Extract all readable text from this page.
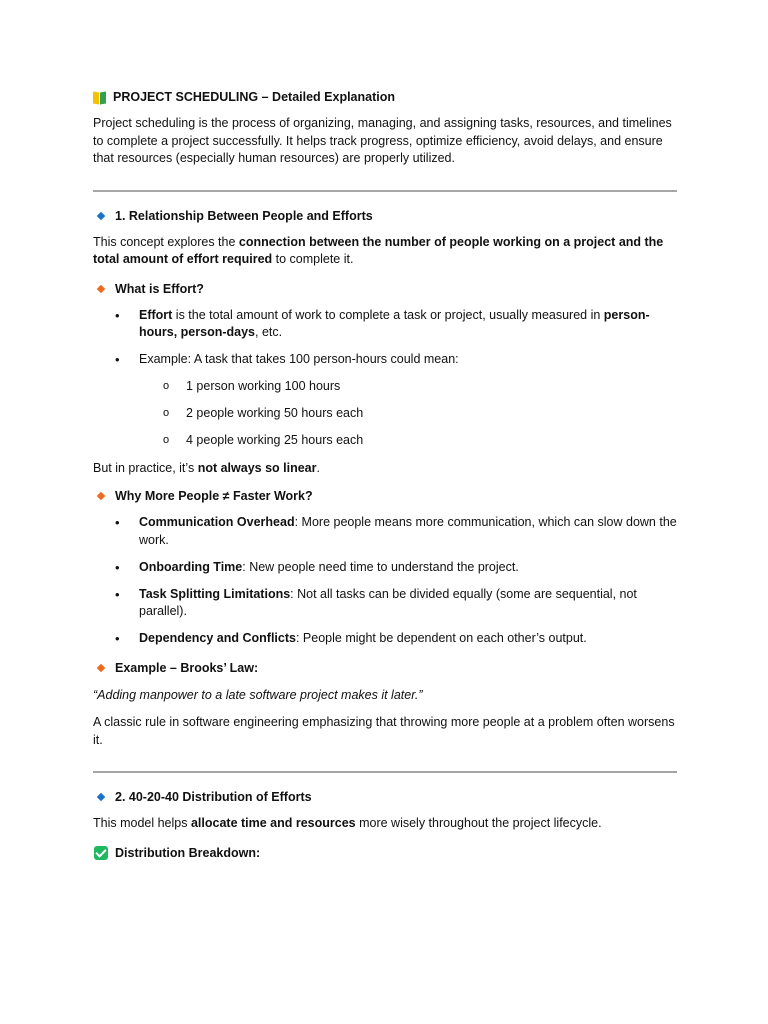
PROJECT SCHEDULING – Detailed Explanation

Project scheduling is the process of organizing, managing, and assigning tasks, resources, and timelines to complete a project successfully. It helps track progress, optimize efficiency, avoid delays, and ensure that resources (especially human resources) are properly utilized.

1. Relationship Between People and Efforts

This concept explores the connection between the number of people working on a project and the total amount of effort required to complete it.

What is Effort?
• Effort is the total amount of work to complete a task or project, usually measured in person-hours, person-days, etc.
• Example: A task that takes 100 person-hours could mean:
o 1 person working 100 hours
o 2 people working 50 hours each
o 4 people working 25 hours each

But in practice, it’s not always so linear.

Why More People ≠ Faster Work?
• Communication Overhead: More people means more communication, which can slow down the work.
• Onboarding Time: New people need time to understand the project.
• Task Splitting Limitations: Not all tasks can be divided equally (some are sequential, not parallel).
• Dependency and Conflicts: People might be dependent on each other’s output.
Example – Brooks’ Law:

“Adding manpower to a late software project makes it later.”

A classic rule in software engineering emphasizing that throwing more people at a problem often worsens it.

2. 40-20-40 Distribution of Efforts

This model helps allocate time and resources more wisely throughout the project lifecycle.

Distribution Breakdown:
